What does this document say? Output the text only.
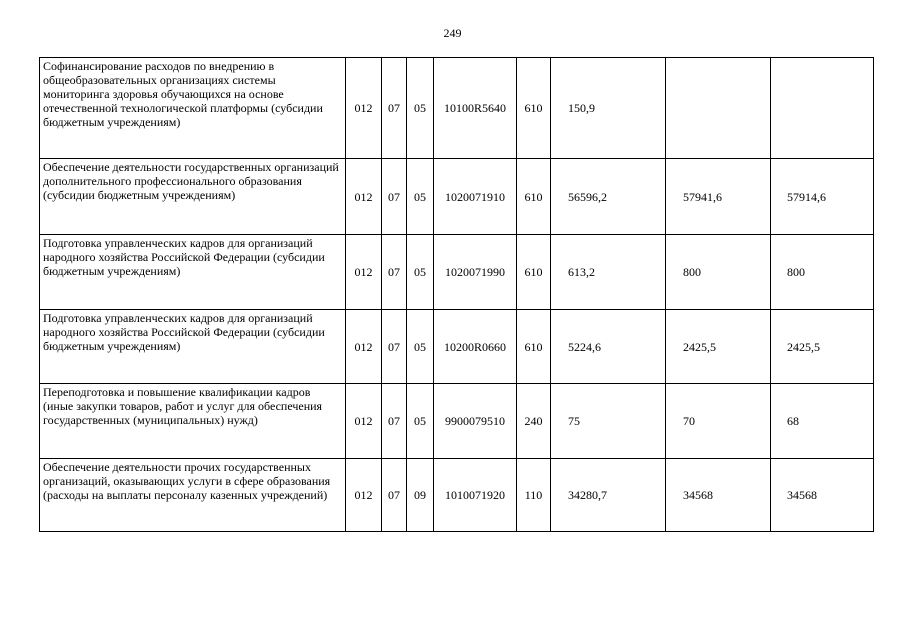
249
Софинансирование расходов по внедрению в общеобразовательных организациях системы мониторинга здоровья обучающихся на основе отечественной технологической платформы (субсидии бюджетным учреждениям)	012	07	05	10100R5640	610	150,9		
Обеспечение деятельности государственных организаций дополнительного профессионального образования (субсидии бюджетным учреждениям)	012	07	05	1020071910	610	56596,2	57941,6	57914,6
Подготовка управленческих кадров для организаций народного хозяйства Российской Федерации (субсидии бюджетным учреждениям)	012	07	05	1020071990	610	613,2	800	800
Подготовка управленческих кадров для организаций народного хозяйства Российской Федерации (субсидии бюджетным учреждениям)	012	07	05	10200R0660	610	5224,6	2425,5	2425,5
Переподготовка и повышение квалификации кадров (иные закупки товаров, работ и услуг для обеспечения государственных (муниципальных) нужд)	012	07	05	9900079510	240	75	70	68
Обеспечение деятельности прочих государственных организаций, оказывающих услуги в сфере образования (расходы на выплаты персоналу казенных учреждений)	012	07	09	1010071920	110	34280,7	34568	34568
